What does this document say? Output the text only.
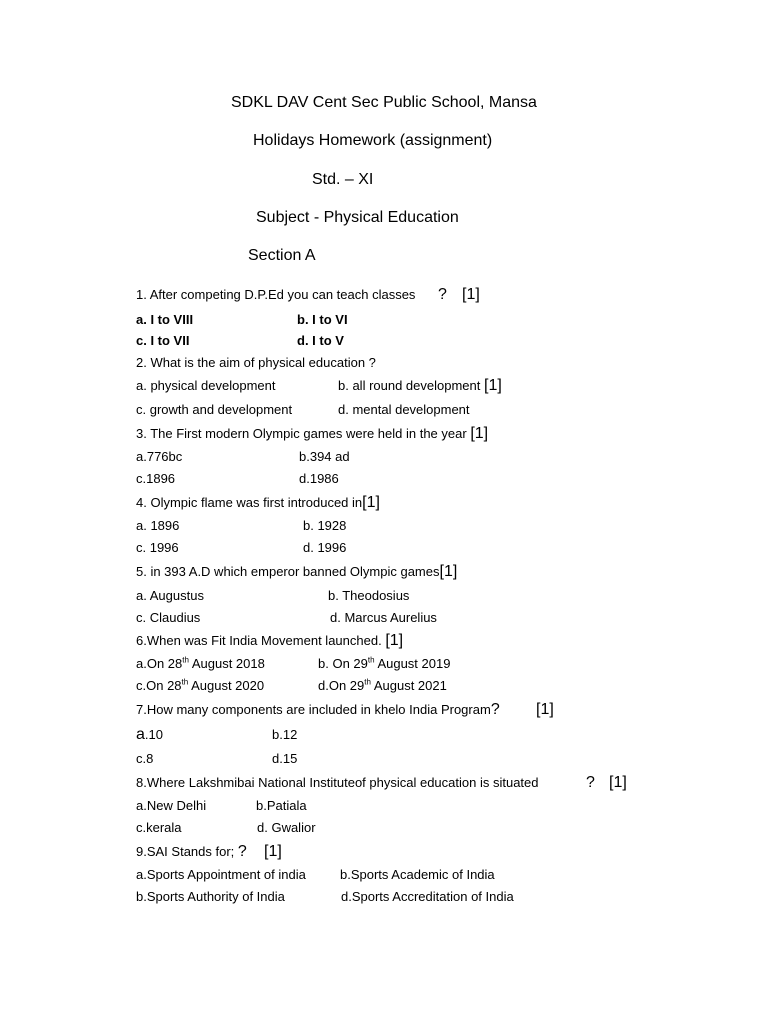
SDKL DAV Cent Sec Public School, Mansa
Holidays Homework (assignment)
Std. – XI
Subject - Physical Education
Section A
1. After competing D.P.Ed you can teach classes ? [1]
a. I to VIII	b. I to VI
c. I to VII	d. I to V
2. What is the aim of physical education ?
a. physical development	b. all round development [1]
c. growth and development	d. mental development
3. The First modern Olympic games were held in the year [1]
a.776bc	b.394 ad
c.1896	d.1986
4. Olympic flame was first introduced in[1]
a. 1896	b. 1928
c. 1996	d. 1996
5. in 393 A.D which emperor banned Olympic games[1]
a. Augustus	b. Theodosius
c. Claudius	d. Marcus Aurelius
6.When was Fit India Movement launched. [1]
a.On 28th August 2018	b. On 29th August 2019
c.On 28th August 2020	d.On 29th August 2021
7.How many components are included in khelo India Program? [1]
a.10	b.12
c.8	d.15
8.Where Lakshmibai National Instituteof physical education is situated	? [1]
a.New Delhi	b.Patiala
c.kerala	d. Gwalior
9.SAI Stands for; ? [1]
a.Sports Appointment of india	b.Sports Academic of India
b.Sports Authority of India	d.Sports Accreditation of India
